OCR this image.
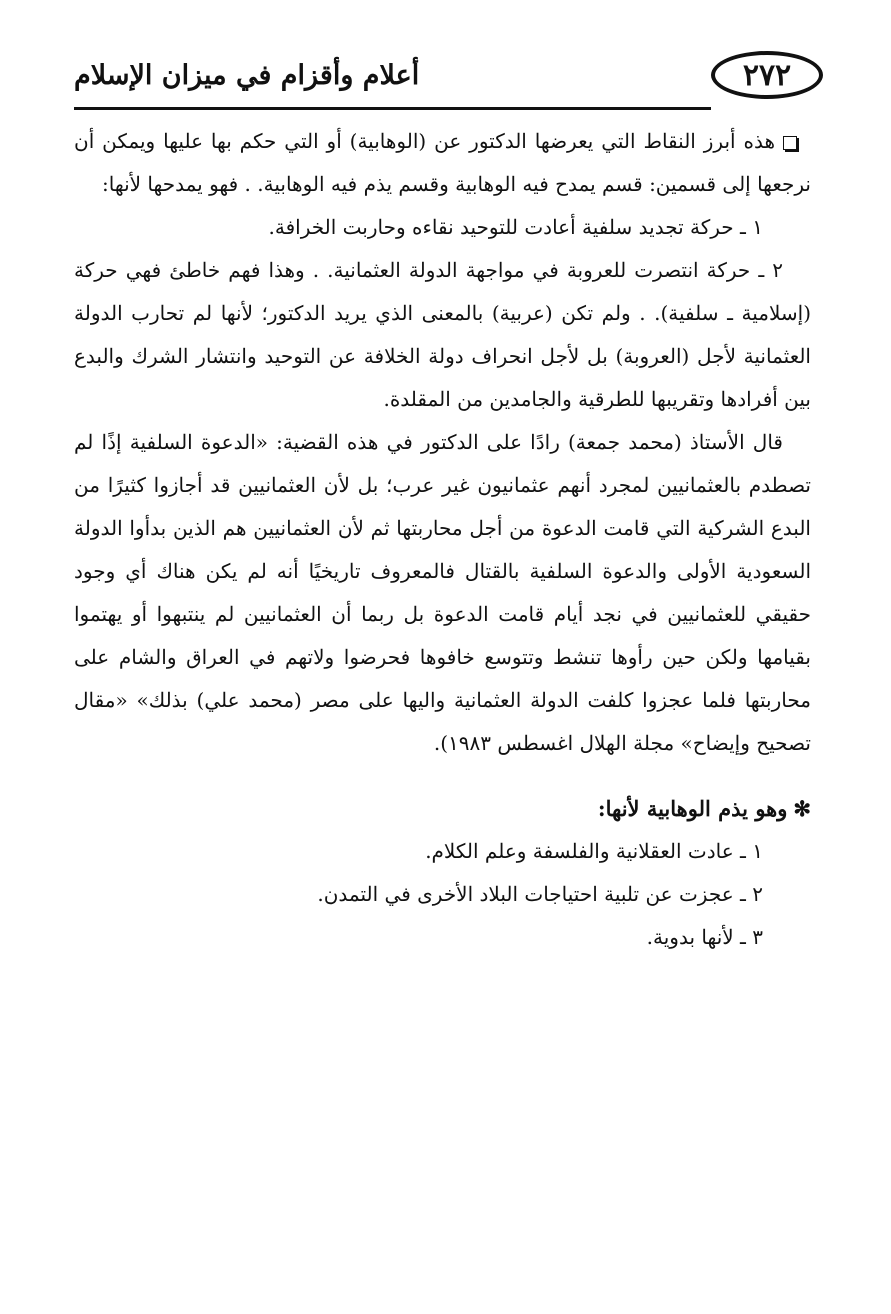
٢٧٢
أعلام وأقزام في ميزان الإسلام

هذه أبرز النقاط التي يعرضها الدكتور عن (الوهابية) أو التي حكم بها عليها ويمكن أن نرجعها إلى قسمين: قسم يمدح فيه الوهابية وقسم يذم فيه الوهابية. . فهو يمدحها لأنها:

١ ـ حركة تجديد سلفية أعادت للتوحيد نقاءه وحاربت الخرافة.

٢ ـ حركة انتصرت للعروبة في مواجهة الدولة العثمانية. . وهذا فهم خاطئ فهي حركة (إسلامية ـ سلفية). . ولم تكن (عربية) بالمعنى الذي يريد الدكتور؛ لأنها لم تحارب الدولة العثمانية لأجل (العروبة) بل لأجل انحراف دولة الخلافة عن التوحيد وانتشار الشرك والبدع بين أفرادها وتقريبها للطرقية والجامدين من المقلدة.

قال الأستاذ (محمد جمعة) رادًا على الدكتور في هذه القضية: «الدعوة السلفية إذًا لم تصطدم بالعثمانيين لمجرد أنهم عثمانيون غير عرب؛ بل لأن العثمانيين قد أجازوا كثيرًا من البدع الشركية التي قامت الدعوة من أجل محاربتها ثم لأن العثمانيين هم الذين بدأوا الدولة السعودية الأولى والدعوة السلفية بالقتال فالمعروف تاريخيًا أنه لم يكن هناك أي وجود حقيقي للعثمانيين في نجد أيام قامت الدعوة بل ربما أن العثمانيين لم ينتبهوا أو يهتموا بقيامها ولكن حين رأوها تنشط وتتوسع خافوها فحرضوا ولاتهم في العراق والشام على محاربتها فلما عجزوا كلفت الدولة العثمانية واليها على مصر (محمد علي) بذلك» «مقال تصحيح وإيضاح» مجلة الهلال اغسطس ١٩٨٣).

✻وهو يذم الوهابية لأنها:

١ ـ عادت العقلانية والفلسفة وعلم الكلام.

٢ ـ عجزت عن تلبية احتياجات البلاد الأخرى في التمدن.

٣ ـ لأنها بدوية.
